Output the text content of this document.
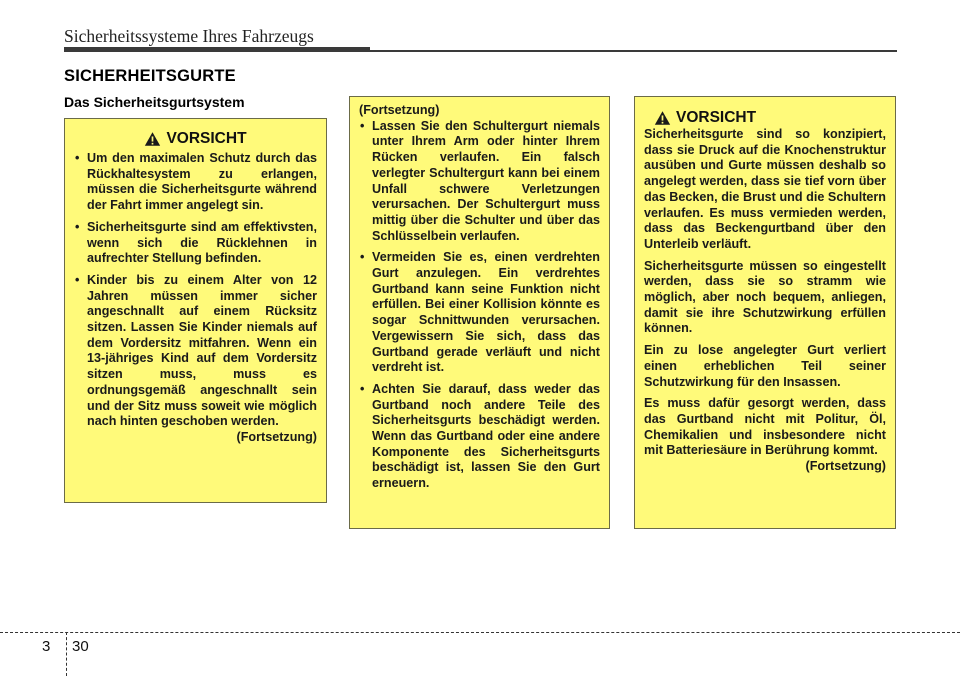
Sicherheitssysteme Ihres Fahrzeugs
SICHERHEITSGURTE
Das Sicherheitsgurtsystem
VORSICHT
• Um den maximalen Schutz durch das Rückhaltesystem zu erlangen, müssen die Sicherheitsgurte während der Fahrt immer angelegt sin.
• Sicherheitsgurte sind am effektivsten, wenn sich die Rücklehnen in aufrechter Stellung befinden.
• Kinder bis zu einem Alter von 12 Jahren müssen immer sicher angeschnallt auf einem Rücksitz sitzen. Lassen Sie Kinder niemals auf dem Vordersitz mitfahren. Wenn ein 13-jähriges Kind auf dem Vordersitz sitzen muss, muss es ordnungsgemäß angeschnallt sein und der Sitz muss soweit wie möglich nach hinten geschoben werden.
(Fortsetzung)
(Fortsetzung)
• Lassen Sie den Schultergurt niemals unter Ihrem Arm oder hinter Ihrem Rücken verlaufen. Ein falsch verlegter Schultergurt kann bei einem Unfall schwere Verletzungen verursachen. Der Schultergurt muss mittig über die Schulter und über das Schlüsselbein verlaufen.
• Vermeiden Sie es, einen verdrehten Gurt anzulegen. Ein verdrehtes Gurtband kann seine Funktion nicht erfüllen. Bei einer Kollision könnte es sogar Schnittwunden verursachen. Vergewissern Sie sich, dass das Gurtband gerade verläuft und nicht verdreht ist.
• Achten Sie darauf, dass weder das Gurtband noch andere Teile des Sicherheitsgurts beschädigt werden. Wenn das Gurtband oder eine andere Komponente des Sicherheitsgurts beschädigt ist, lassen Sie den Gurt erneuern.
VORSICHT

Sicherheitsgurte sind so konzipiert, dass sie Druck auf die Knochenstruktur ausüben und Gurte müssen deshalb so angelegt werden, dass sie tief vorn über das Becken, die Brust und die Schultern verlaufen. Es muss vermieden werden, dass das Beckengurtband über den Unterleib verläuft.

Sicherheitsgurte müssen so eingestellt werden, dass sie so stramm wie möglich, aber noch bequem, anliegen, damit sie ihre Schutzwirkung erfüllen können.

Ein zu lose angelegter Gurt verliert einen erheblichen Teil seiner Schutzwirkung für den Insassen.

Es muss dafür gesorgt werden, dass das Gurtband nicht mit Politur, Öl, Chemikalien und insbesondere nicht mit Batteriesäure in Berührung kommt.

(Fortsetzung)
3 30
